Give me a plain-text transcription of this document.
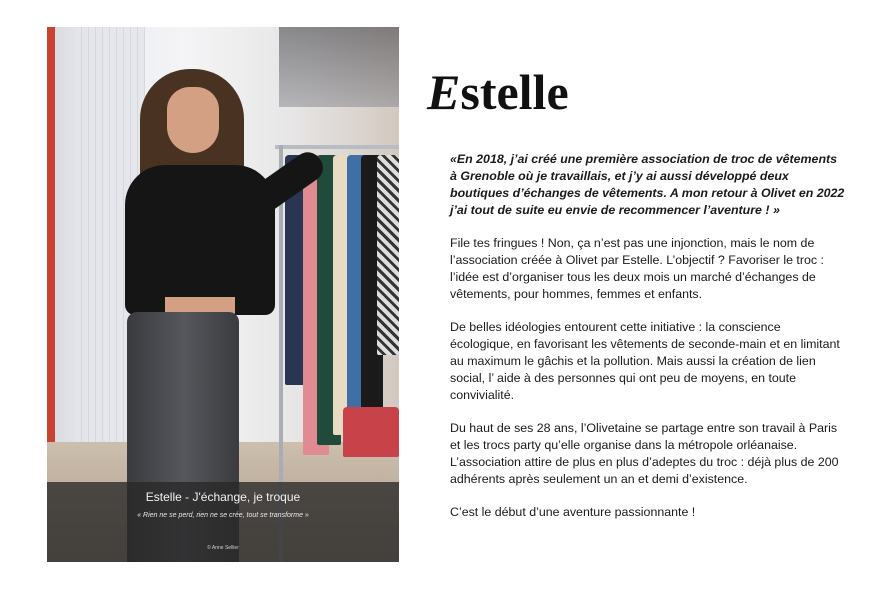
Estelle - J'échange, je troque
« Rien ne se perd, rien ne se crée, tout se transforme »
© Anne Sellier
Estelle

«En 2018, j’ai créé une première association de troc de vêtements à Grenoble où je travaillais, et j’y ai aussi développé deux boutiques d’échanges de vêtements. A mon retour à Olivet en 2022 j’ai tout de suite eu envie de recommencer l’aventure ! »

File tes fringues ! Non, ça n’est pas une injonction, mais le nom de l’association créée à Olivet par Estelle. L’objectif ? Favoriser le troc : l’idée est d’organiser tous les deux mois un marché d’échanges de vêtements, pour hommes, femmes et enfants.

De belles idéologies entourent cette initiative : la conscience écologique, en favorisant les vêtements de seconde-main et en limitant au maximum le gâchis et la pollution. Mais aussi la création de lien social, l’ aide à des personnes qui ont peu de moyens, en toute convivialité.

Du haut de ses 28 ans, l’Olivetaine se partage entre son travail à Paris et les trocs party qu’elle organise dans la métropole orléanaise. L’association attire de plus en plus d’adeptes du troc : déjà plus de 200 adhérents après seulement un an et demi d’existence.

C’est le début d’une aventure passionnante !
